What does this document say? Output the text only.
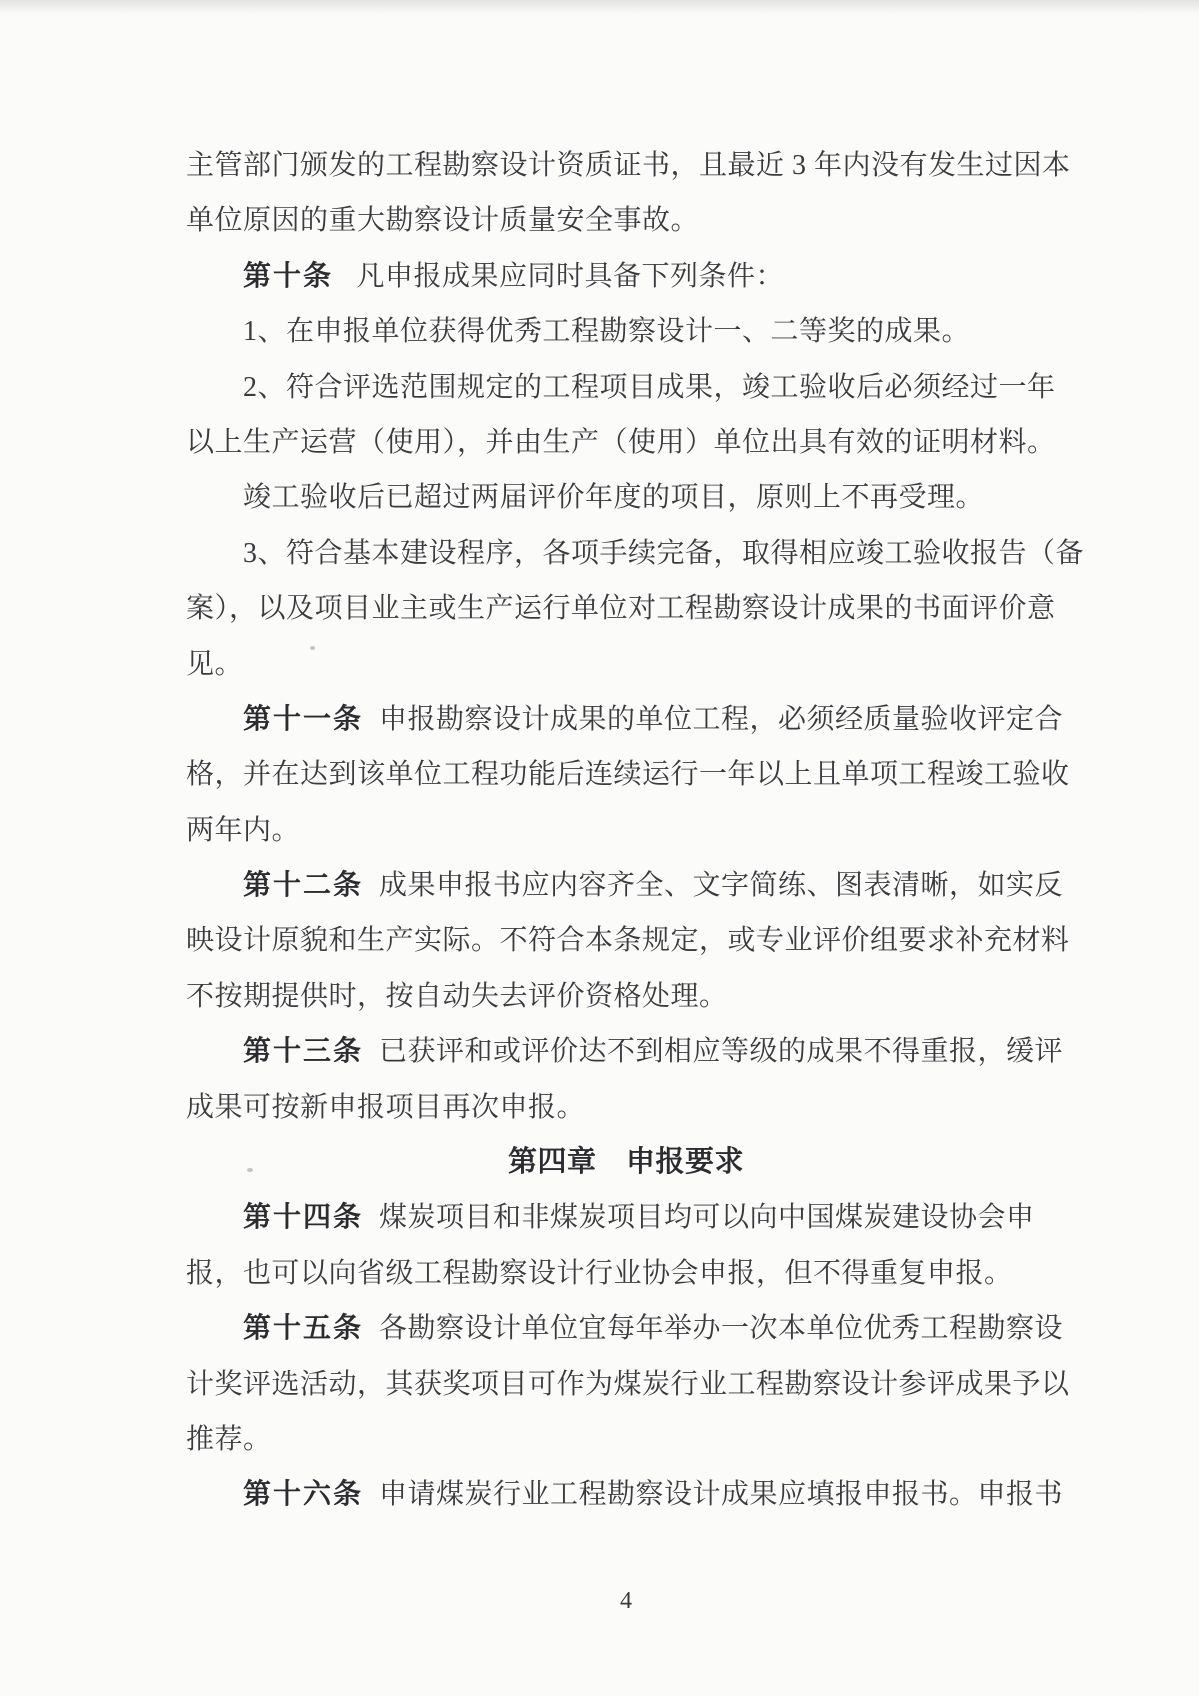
主管部门颁发的工程勘察设计资质证书，且最近 3 年内没有发生过因本
单位原因的重大勘察设计质量安全事故。
第十条 凡申报成果应同时具备下列条件：
1、在申报单位获得优秀工程勘察设计一、二等奖的成果。
2、符合评选范围规定的工程项目成果，竣工验收后必须经过一年
以上生产运营（使用），并由生产（使用）单位出具有效的证明材料。
竣工验收后已超过两届评价年度的项目，原则上不再受理。
3、符合基本建设程序，各项手续完备，取得相应竣工验收报告（备
案），以及项目业主或生产运行单位对工程勘察设计成果的书面评价意
见。
第十一条 申报勘察设计成果的单位工程，必须经质量验收评定合
格，并在达到该单位工程功能后连续运行一年以上且单项工程竣工验收
两年内。
第十二条 成果申报书应内容齐全、文字简练、图表清晰，如实反
映设计原貌和生产实际。不符合本条规定，或专业评价组要求补充材料
不按期提供时，按自动失去评价资格处理。
第十三条 已获评和或评价达不到相应等级的成果不得重报，缓评
成果可按新申报项目再次申报。
第四章　申报要求
第十四条 煤炭项目和非煤炭项目均可以向中国煤炭建设协会申
报，也可以向省级工程勘察设计行业协会申报，但不得重复申报。
第十五条 各勘察设计单位宜每年举办一次本单位优秀工程勘察设
计奖评选活动，其获奖项目可作为煤炭行业工程勘察设计参评成果予以
推荐。
第十六条 申请煤炭行业工程勘察设计成果应填报申报书。申报书
4
